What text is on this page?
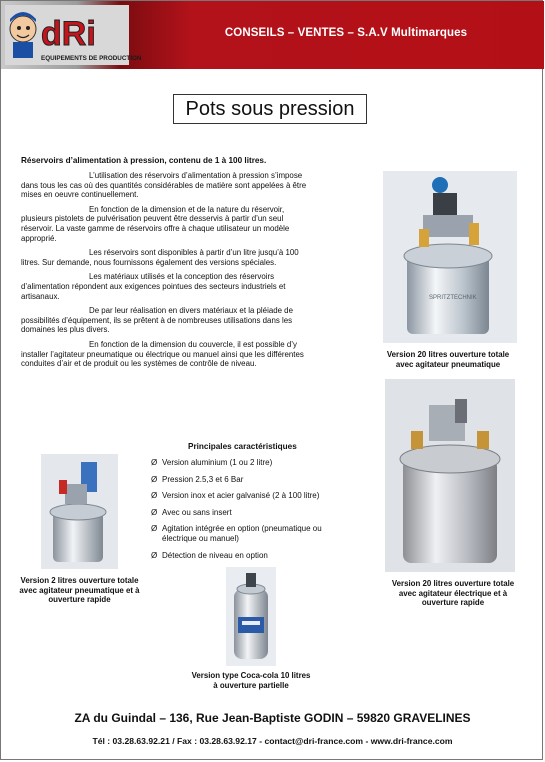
dRi
EQUIPEMENTS DE PRODUCTION
CONSEILS – VENTES – S.A.V Multimarques
Pots sous pression
Réservoirs d’alimentation à pression, contenu de 1 à 100 litres.

L’utilisation des réservoirs d’alimentation à pression s’impose dans tous les cas où des quantités considérables de matière sont appelées à être mises en oeuvre continuellement.

En fonction de la dimension et de la nature du réservoir, plusieurs pistolets de pulvérisation peuvent être desservis à partir d’un seul réservoir. La vaste gamme de réservoirs offre à chaque utilisateur un modèle approprié.

Les réservoirs sont disponibles à partir d’un litre jusqu’à 100 litres. Sur demande, nous fournissons également des versions spéciales.

Les matériaux utilisés et la conception des réservoirs d’alimentation répondent aux exigences pointues des secteurs industriels et artisanaux.

De par leur réalisation en divers matériaux et la pléiade de possibilités d’équipement, ils se prêtent à de nombreuses utilisations dans les domaines les plus divers.

En fonction de la dimension du couvercle, il est possible d’y installer l’agitateur pneumatique ou électrique ou manuel ainsi que les différentes conduites d’air et de produit ou les systèmes de contrôle de niveau.

Principales caractéristiques
Ø Version aluminium (1 ou 2 litre)
Ø Pression 2.5,3 et 6 Bar
Ø Version inox et acier galvanisé (2 à 100 litre)
Ø Avec ou sans insert
Ø Agitation intégrée en option (pneumatique ou électrique ou manuel)
Ø Détection de niveau en option
SPRITZTECHNIK
Version 20 litres ouverture totale
avec agitateur pneumatique
Version 20 litres ouverture totale
avec agitateur électrique et à
ouverture rapide
Version 2 litres ouverture totale
avec agitateur pneumatique et à
ouverture rapide
Version type Coca-cola 10 litres
à ouverture partielle
ZA du Guindal – 136, Rue Jean-Baptiste GODIN – 59820 GRAVELINES
Tél : 03.28.63.92.21 / Fax : 03.28.63.92.17 - contact@dri-france.com - www.dri-france.com
